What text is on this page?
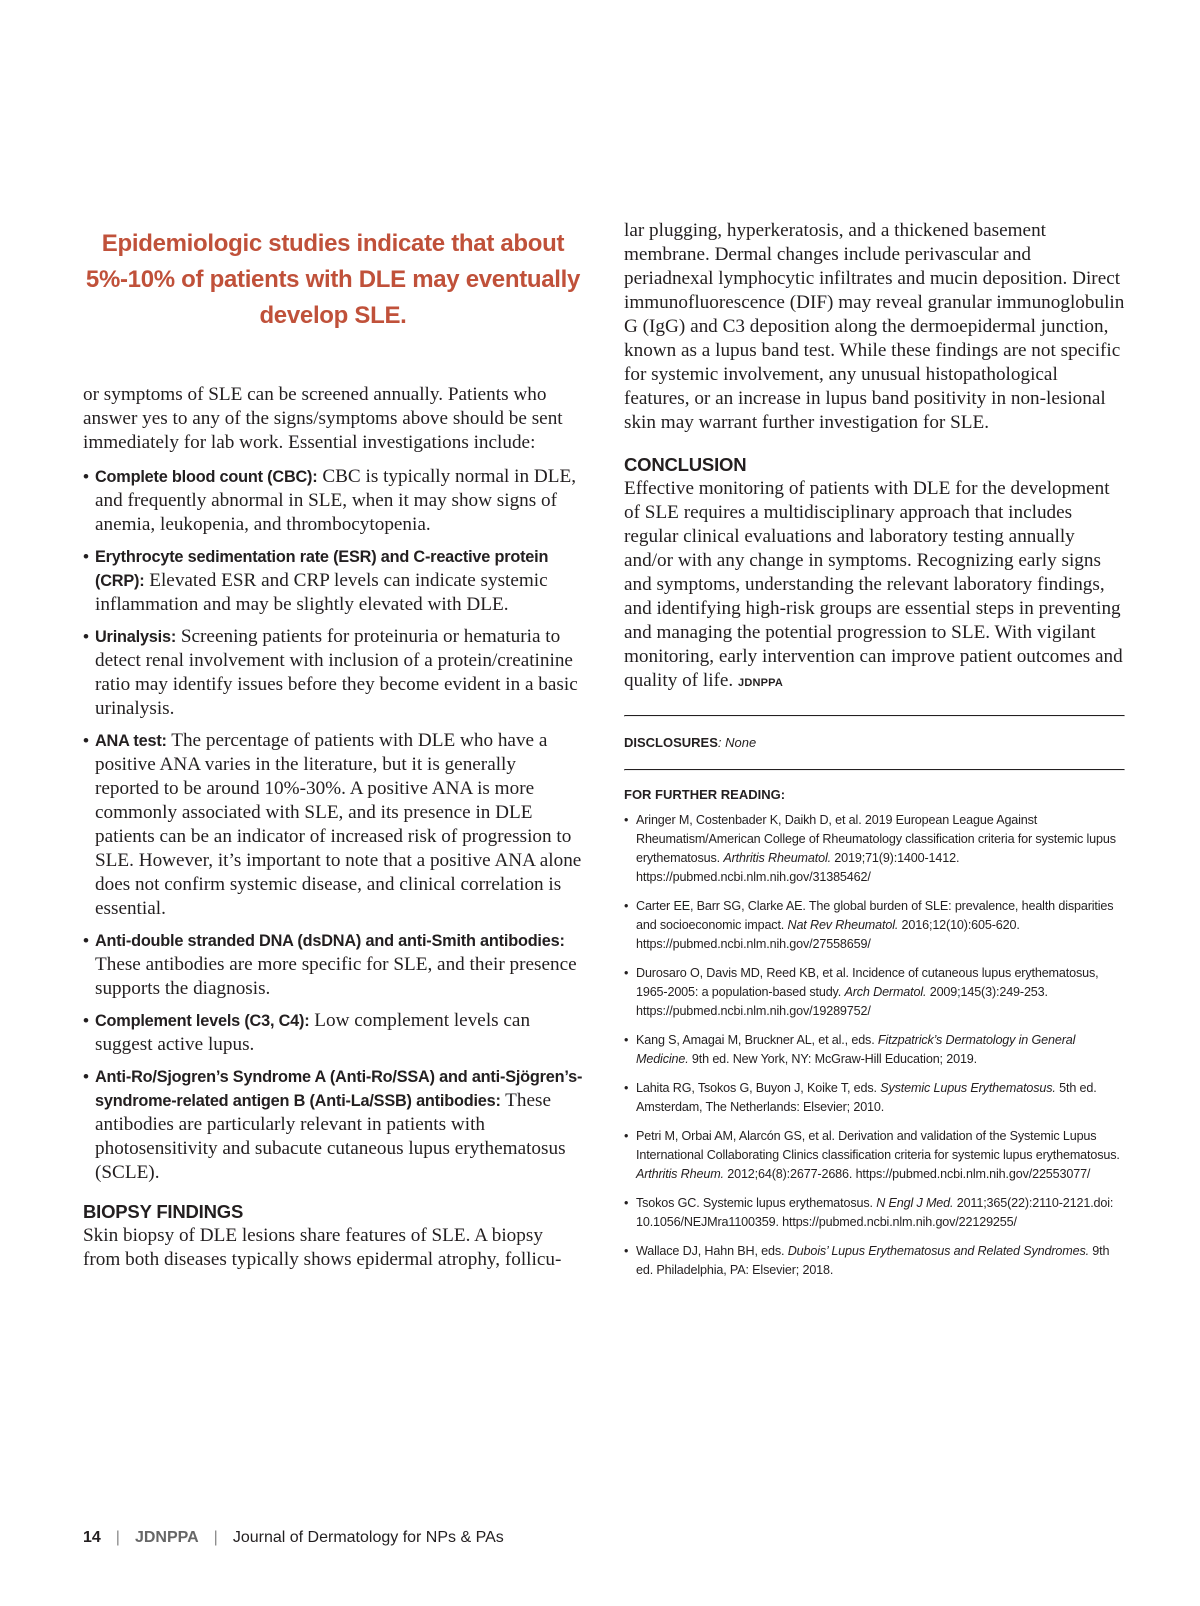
Epidemiologic studies indicate that about 5%-10% of patients with DLE may eventually develop SLE.

or symptoms of SLE can be screened annually. Patients who answer yes to any of the signs/symptoms above should be sent immediately for lab work. Essential investigations include:

• Complete blood count (CBC): CBC is typically normal in DLE, and frequently abnormal in SLE, when it may show signs of anemia, leukopenia, and thrombocytopenia.
• Erythrocyte sedimentation rate (ESR) and C-reactive protein (CRP): Elevated ESR and CRP levels can indicate systemic inflammation and may be slightly elevated with DLE.
• Urinalysis: Screening patients for proteinuria or hematuria to detect renal involvement with inclusion of a protein/creatinine ratio may identify issues before they become evident in a basic urinalysis.
• ANA test: The percentage of patients with DLE who have a positive ANA varies in the literature, but it is generally reported to be around 10%-30%. A positive ANA is more commonly associated with SLE, and its presence in DLE patients can be an indicator of increased risk of progression to SLE. However, it’s important to note that a positive ANA alone does not confirm systemic disease, and clinical correlation is essential.
• Anti-double stranded DNA (dsDNA) and anti-Smith antibodies: These antibodies are more specific for SLE, and their presence supports the diagnosis.
• Complement levels (C3, C4): Low complement levels can suggest active lupus.
• Anti-Ro/Sjogren’s Syndrome A (Anti-Ro/SSA) and anti-Sjögren’s-syndrome-related antigen B (Anti-La/SSB) antibodies: These antibodies are particularly relevant in patients with photosensitivity and subacute cutaneous lupus erythematosus (SCLE).
BIOPSY FINDINGS

Skin biopsy of DLE lesions share features of SLE. A biopsy from both diseases typically shows epidermal atrophy, follicu-

lar plugging, hyperkeratosis, and a thickened basement membrane. Dermal changes include perivascular and periadnexal lymphocytic infiltrates and mucin deposition. Direct immunofluorescence (DIF) may reveal granular immunoglobulin G (IgG) and C3 deposition along the dermoepidermal junction, known as a lupus band test. While these findings are not specific for systemic involvement, any unusual histopathological features, or an increase in lupus band positivity in non-lesional skin may warrant further investigation for SLE.

CONCLUSION

Effective monitoring of patients with DLE for the development of SLE requires a multidisciplinary approach that includes regular clinical evaluations and laboratory testing annually and/or with any change in symptoms. Recognizing early signs and symptoms, understanding the relevant laboratory findings, and identifying high-risk groups are essential steps in preventing and managing the potential progression to SLE. With vigilant monitoring, early intervention can improve patient outcomes and quality of life. JDNPPA

DISCLOSURES: None

FOR FURTHER READING:

• Aringer M, Costenbader K, Daikh D, et al. 2019 European League Against Rheumatism/American College of Rheumatology classification criteria for systemic lupus erythematosus. Arthritis Rheumatol. 2019;71(9):1400-1412. https://pubmed.ncbi.nlm.nih.gov/31385462/
• Carter EE, Barr SG, Clarke AE. The global burden of SLE: prevalence, health disparities and socioeconomic impact. Nat Rev Rheumatol. 2016;12(10):605-620. https://pubmed.ncbi.nlm.nih.gov/27558659/
• Durosaro O, Davis MD, Reed KB, et al. Incidence of cutaneous lupus erythematosus, 1965-2005: a population-based study. Arch Dermatol. 2009;145(3):249-253. https://pubmed.ncbi.nlm.nih.gov/19289752/
• Kang S, Amagai M, Bruckner AL, et al., eds. Fitzpatrick’s Dermatology in General Medicine. 9th ed. New York, NY: McGraw-Hill Education; 2019.
• Lahita RG, Tsokos G, Buyon J, Koike T, eds. Systemic Lupus Erythematosus. 5th ed. Amsterdam, The Netherlands: Elsevier; 2010.
• Petri M, Orbai AM, Alarcón GS, et al. Derivation and validation of the Systemic Lupus International Collaborating Clinics classification criteria for systemic lupus erythematosus. Arthritis Rheum. 2012;64(8):2677-2686. https://pubmed.ncbi.nlm.nih.gov/22553077/
• Tsokos GC. Systemic lupus erythematosus. N Engl J Med. 2011;365(22):2110-2121.doi: 10.1056/NEJMra1100359. https://pubmed.ncbi.nlm.nih.gov/22129255/
• Wallace DJ, Hahn BH, eds. Dubois’ Lupus Erythematosus and Related Syndromes. 9th ed. Philadelphia, PA: Elsevier; 2018.
14 | JDNPPA | Journal of Dermatology for NPs & PAs
